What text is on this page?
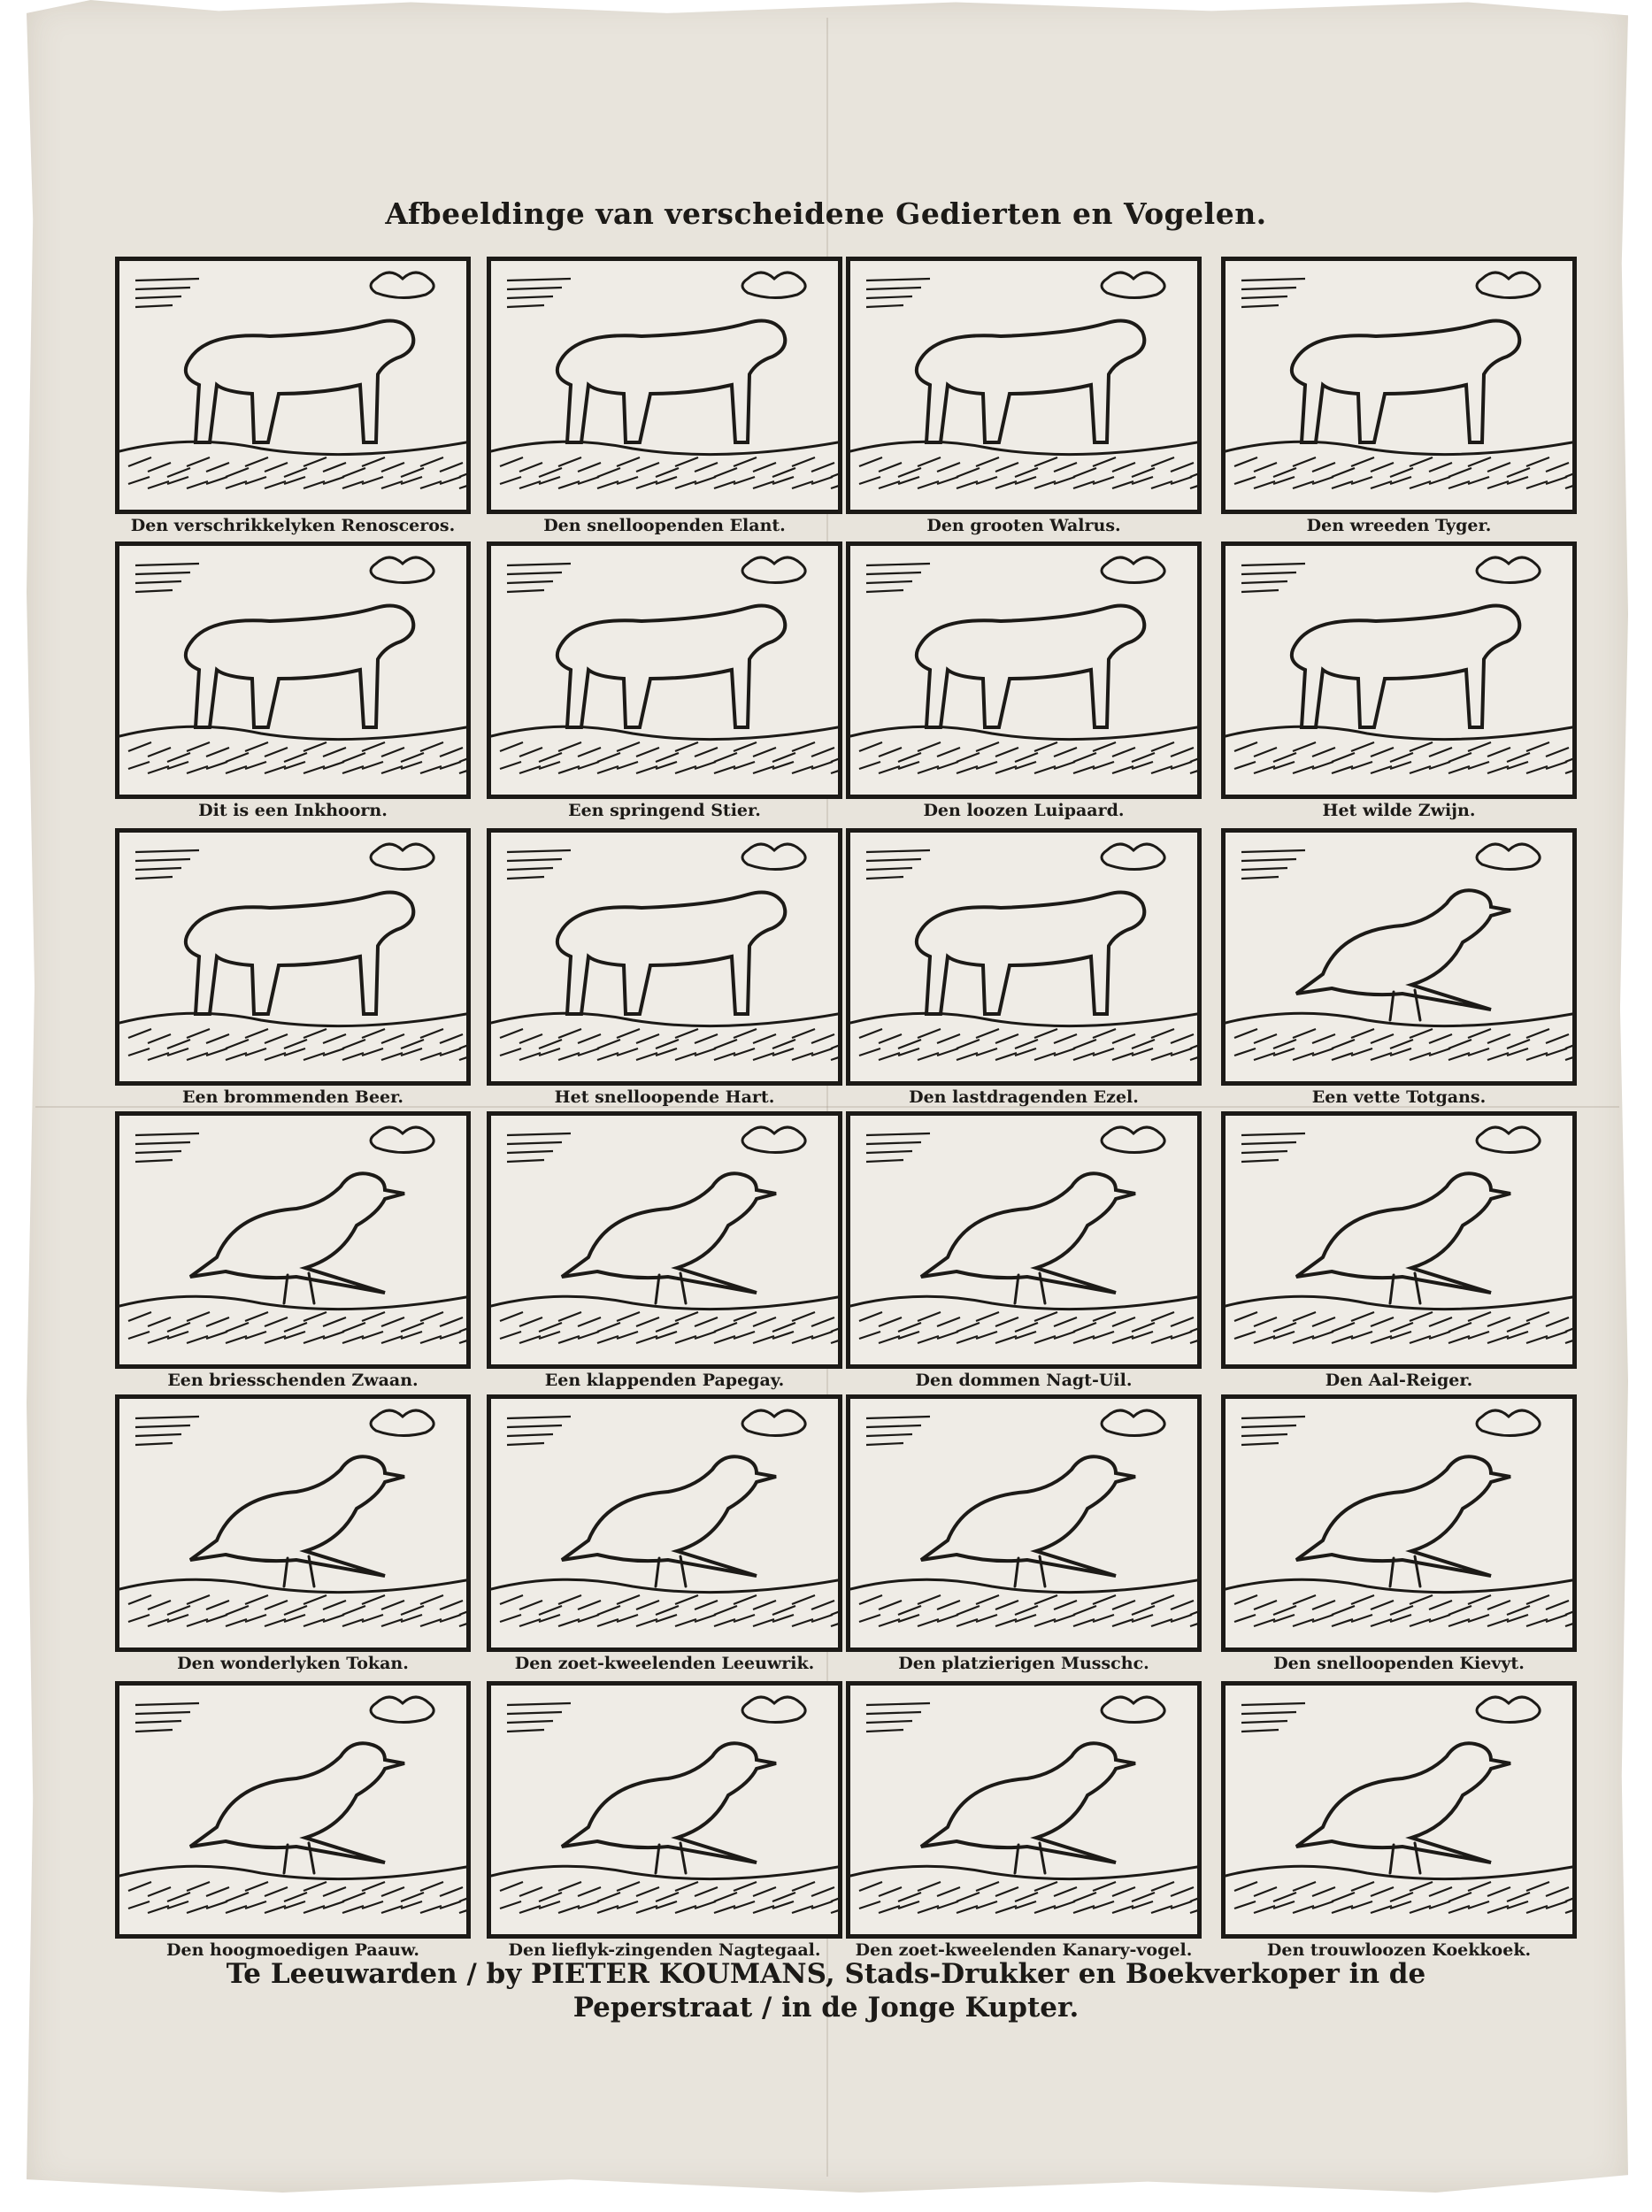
Afbeeldinge van verscheidene Gedierten en Vogelen.
Den verschrikkelyken Renosceros.	Den snelloopenden Elant.	Den grooten Walrus.	Den wreeden Tyger.
Dit is een Inkhoorn.	Een springend Stier.	Den loozen Luipaard.	Het wilde Zwijn.
Een brommenden Beer.	Het snelloopende Hart.	Den lastdragenden Ezel.	Een vette Totgans.
Een briesschenden Zwaan.	Een klappenden Papegay.	Den dommen Nagt-Uil.	Den Aal-Reiger.
Den wonderlyken Tokan.	Den zoet-kweelenden Leeuwrik.	Den platzierigen Musschc.	Den snelloopenden Kievyt.
Den hoogmoedigen Paauw.	Den lieflyk-zingenden Nagtegaal.	Den zoet-kweelenden Kanary-vogel.	Den trouwloozen Koekkoek.
Te Leeuwarden / by PIETER KOUMANS, Stads-Drukker en Boekverkoper in de
Peperstraat / in de Jonge Kupter.
